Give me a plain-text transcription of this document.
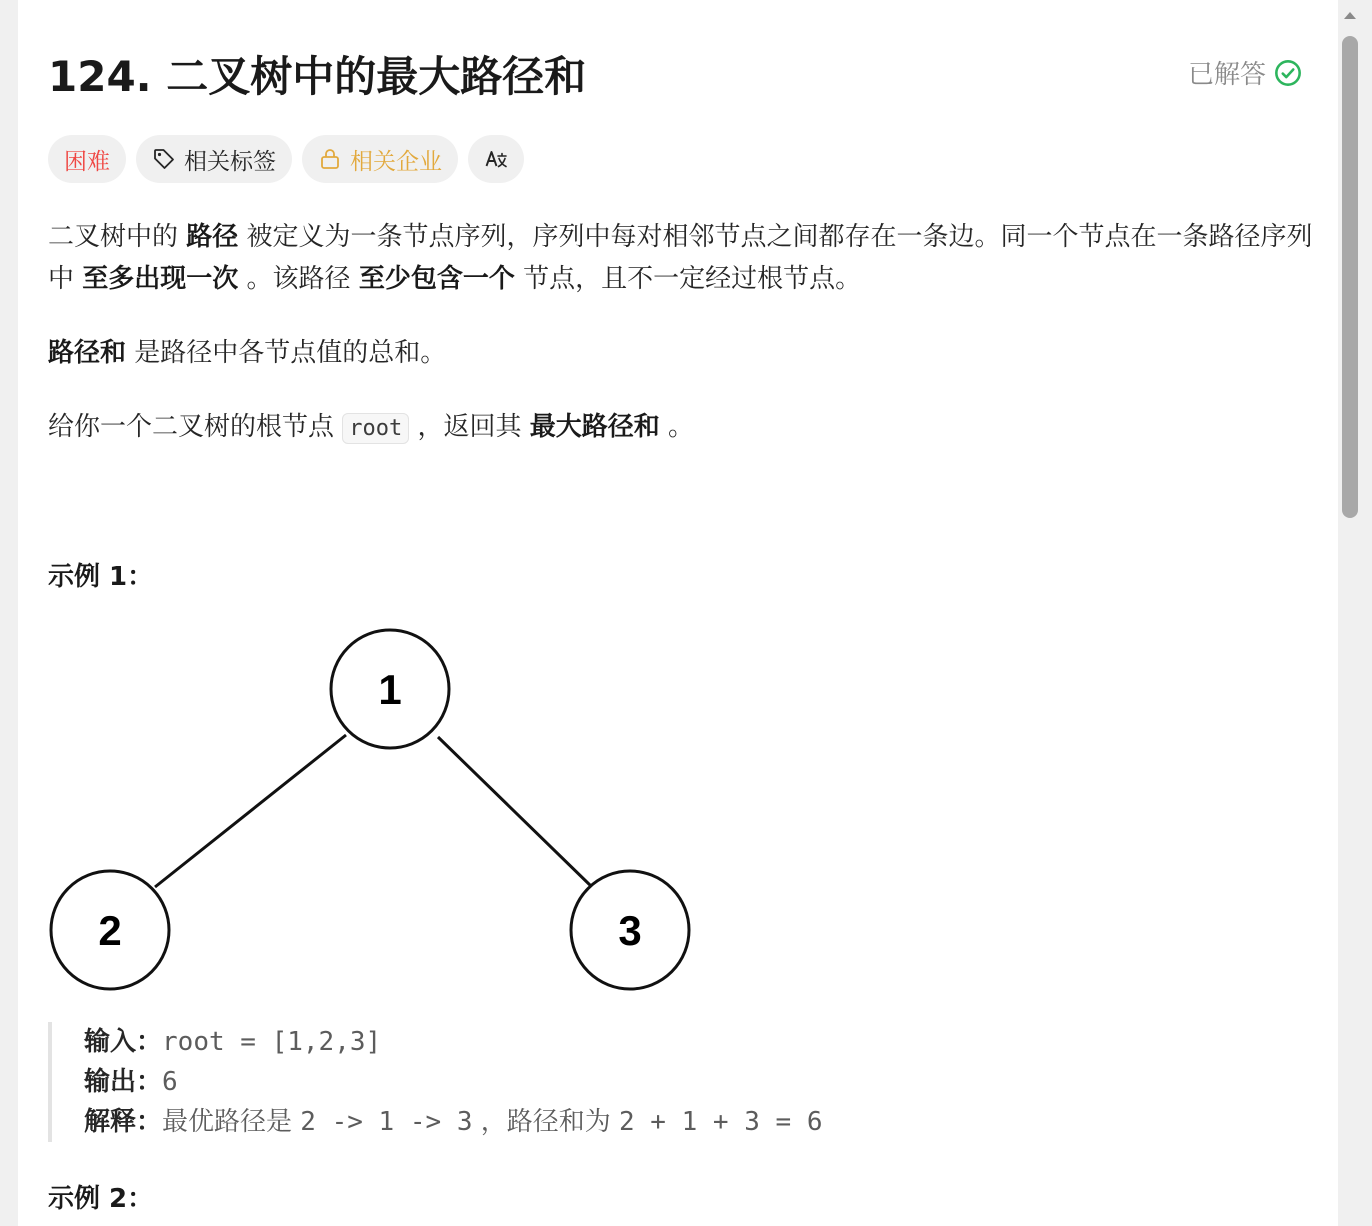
124. 二叉树中的最大路径和	已解答
困难	相关标签	相关企业

二叉树中的 路径 被定义为一条节点序列，序列中每对相邻节点之间都存在一条边。同一个节点在一条路径序列中 至多出现一次 。该路径 至少包含一个 节点，且不一定经过根节点。

路径和 是路径中各节点值的总和。

给你一个二叉树的根节点 root ，返回其 最大路径和 。

示例 1：
1
2	3
输入：root = [1,2,3]
输出：6
解释：最优路径是 2 -> 1 -> 3 ，路径和为 2 + 1 + 3 = 6
示例 2：
